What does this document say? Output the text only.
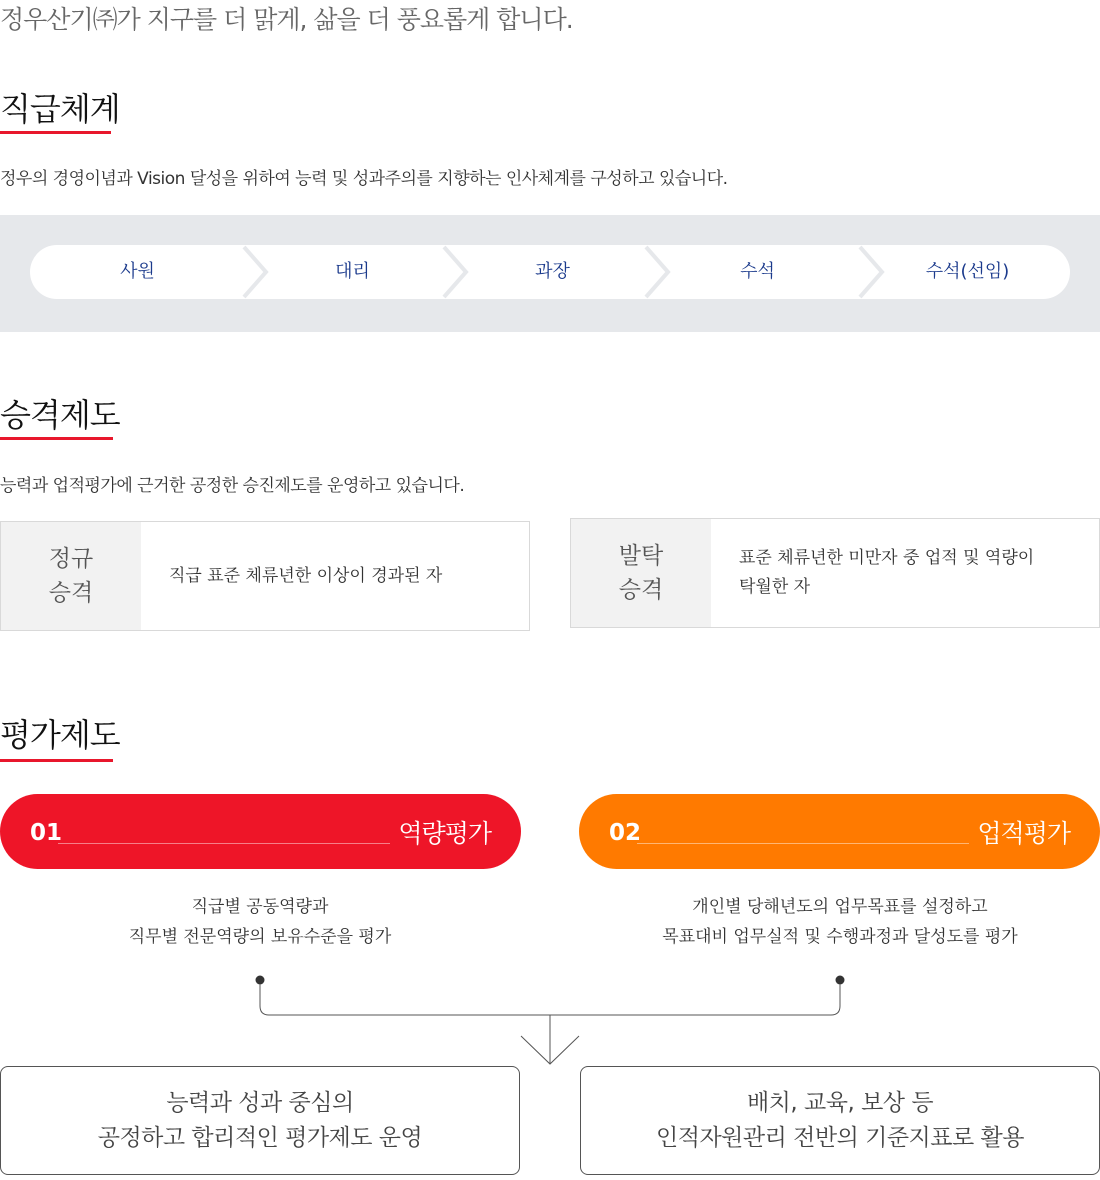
정우산기㈜가 지구를 더 맑게, 삶을 더 풍요롭게 합니다.
직급체계
정우의 경영이념과 Vision 달성을 위하여 능력 및 성과주의를 지향하는 인사체계를 구성하고 있습니다.
사원	대리	과장	수석	수석(선임)
승격제도
능력과 업적평가에 근거한 공정한 승진제도를 운영하고 있습니다.
정규
승격
직급 표준 체류년한 이상이 경과된 자
발탁
승격
표준 체류년한 미만자 중 업적 및 역량이
탁월한 자
평가제도
01	역량평가	02	업적평가
직급별 공동역량과
직무별 전문역량의 보유수준을 평가
개인별 당해년도의 업무목표를 설정하고
목표대비 업무실적 및 수행과정과 달성도를 평가
능력과 성과 중심의
공정하고 합리적인 평가제도 운영
배치, 교육, 보상 등
인적자원관리 전반의 기준지표로 활용
